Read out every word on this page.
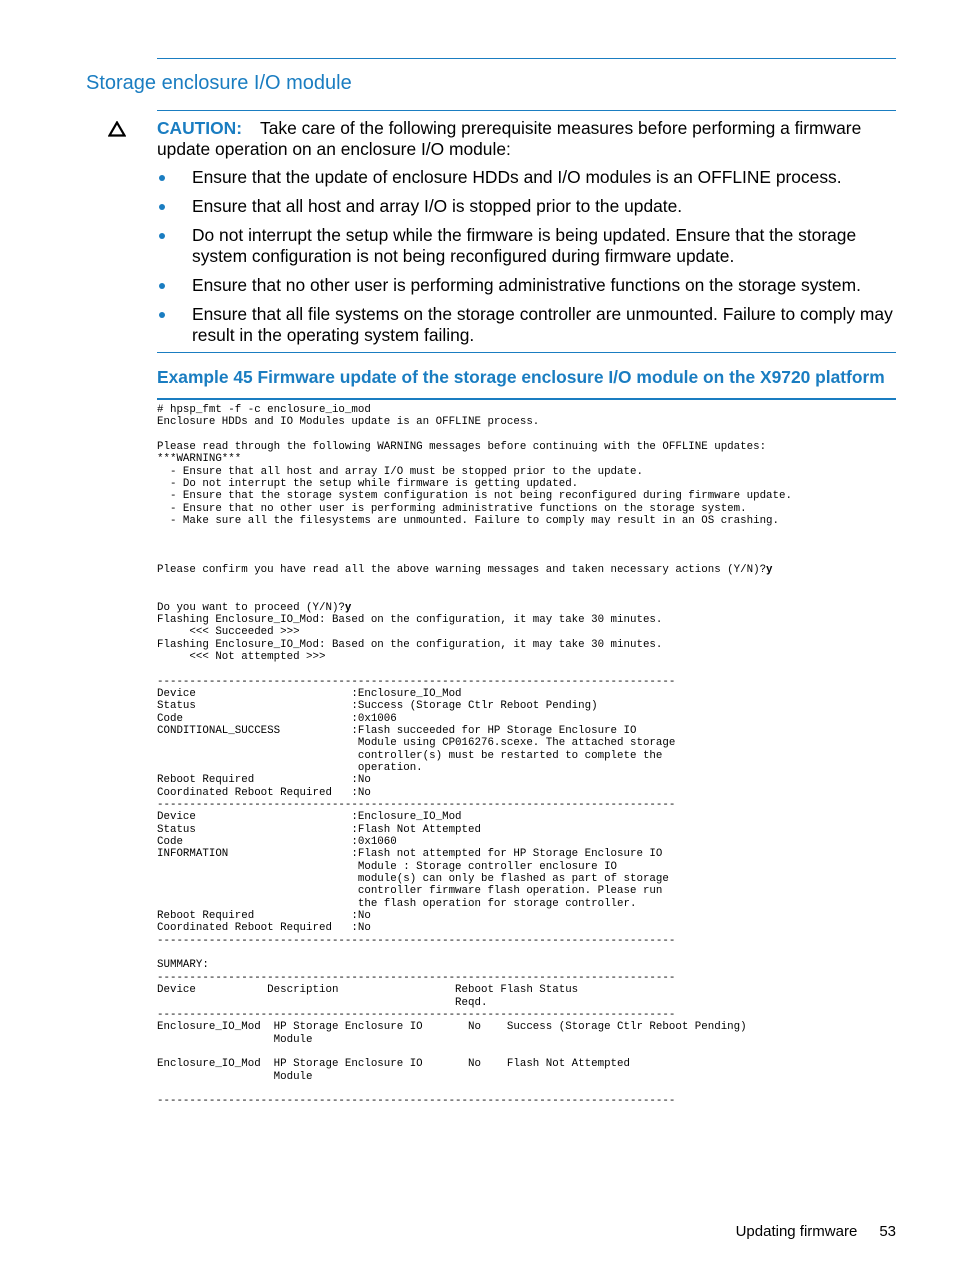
Storage enclosure I/O module
CAUTION: Take care of the following prerequisite measures before performing a firmware update operation on an enclosure I/O module:
Ensure that the update of enclosure HDDs and I/O modules is an OFFLINE process.
Ensure that all host and array I/O is stopped prior to the update.
Do not interrupt the setup while the firmware is being updated. Ensure that the storage system configuration is not being reconfigured during firmware update.
Ensure that no other user is performing administrative functions on the storage system.
Ensure that all file systems on the storage controller are unmounted. Failure to comply may result in the operating system failing.
Example 45 Firmware update of the storage enclosure I/O module on the X9720 platform
# hpsp_fmt -f -c enclosure_io_mod
Enclosure HDDs and IO Modules update is an OFFLINE process.

Please read through the following WARNING messages before continuing with the OFFLINE updates:
***WARNING***
- Ensure that all host and array I/O must be stopped prior to the update.
- Do not interrupt the setup while firmware is getting updated.
- Ensure that the storage system configuration is not being reconfigured during firmware update.
- Ensure that no other user is performing administrative functions on the storage system.
- Make sure all the filesystems are unmounted. Failure to comply may result in an OS crashing.

Please confirm you have read all the above warning messages and taken necessary actions (Y/N)?y

Do you want to proceed (Y/N)?y
Flashing Enclosure_IO_Mod: Based on the configuration, it may take 30 minutes.
<<< Succeeded >>>
Flashing Enclosure_IO_Mod: Based on the configuration, it may take 30 minutes.
<<< Not attempted >>>

--------------------------------------------------------------------------------
Device                        :Enclosure_IO_Mod
Status                        :Success (Storage Ctlr Reboot Pending)
Code                          :0x1006
CONDITIONAL_SUCCESS           :Flash succeeded for HP Storage Enclosure IO
Module using CP016276.scexe. The attached storage
controller(s) must be restarted to complete the
operation.
Reboot Required               :No
Coordinated Reboot Required   :No
--------------------------------------------------------------------------------
Device                        :Enclosure_IO_Mod
Status                        :Flash Not Attempted
Code                          :0x1060
INFORMATION                   :Flash not attempted for HP Storage Enclosure IO
Module : Storage controller enclosure IO
module(s) can only be flashed as part of storage
controller firmware flash operation. Please run
the flash operation for storage controller.
Reboot Required               :No
Coordinated Reboot Required   :No
--------------------------------------------------------------------------------

SUMMARY:
--------------------------------------------------------------------------------
Device           Description                  Reboot Flash Status
Reqd.
--------------------------------------------------------------------------------
Enclosure_IO_Mod  HP Storage Enclosure IO       No    Success (Storage Ctlr Reboot Pending)
Module

Enclosure_IO_Mod  HP Storage Enclosure IO       No    Flash Not Attempted
Module

--------------------------------------------------------------------------------
Updating firmware 53
